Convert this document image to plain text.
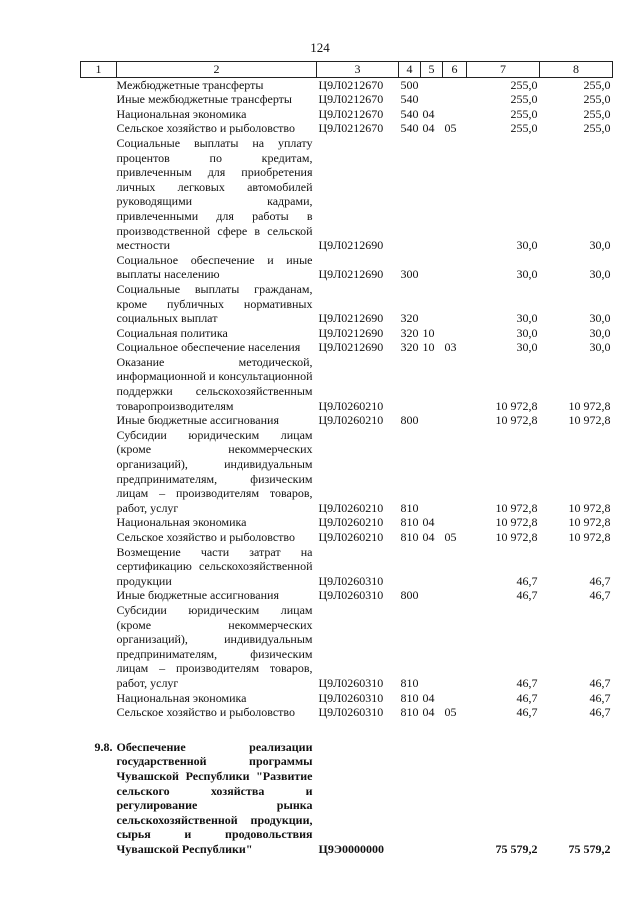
124
1	2	3	4	5	6	7	8
	Межбюджетные трансферты	Ц9Л0212670	500			255,0	255,0
	Иные межбюджетные трансферты	Ц9Л0212670	540			255,0	255,0
	Национальная экономика	Ц9Л0212670	540	04		255,0	255,0
	Сельское хозяйство и рыболовство	Ц9Л0212670	540	04	05	255,0	255,0
	Социальные выплаты на уплату процентов по кредитам, привлеченным для приобретения личных легковых автомобилей руководящими кадрами, привлеченными для работы в производственной сфере в сельской местности	Ц9Л0212690				30,0	30,0
	Социальное обеспечение и иные выплаты населению	Ц9Л0212690	300			30,0	30,0
	Социальные выплаты гражданам, кроме публичных нормативных социальных выплат	Ц9Л0212690	320			30,0	30,0
	Социальная политика	Ц9Л0212690	320	10		30,0	30,0
	Социальное обеспечение населения	Ц9Л0212690	320	10	03	30,0	30,0
	Оказание методической, информационной и консультационной поддержки сельскохозяйственным товаропроизводителям	Ц9Л0260210				10 972,8	10 972,8
	Иные бюджетные ассигнования	Ц9Л0260210	800			10 972,8	10 972,8
	Субсидии юридическим лицам (кроме некоммерческих организаций), индивидуальным предпринимателям, физическим лицам – производителям товаров, работ, услуг	Ц9Л0260210	810			10 972,8	10 972,8
	Национальная экономика	Ц9Л0260210	810	04		10 972,8	10 972,8
	Сельское хозяйство и рыболовство	Ц9Л0260210	810	04	05	10 972,8	10 972,8
	Возмещение части затрат на сертификацию сельскохозяйственной продукции	Ц9Л0260310				46,7	46,7
	Иные бюджетные ассигнования	Ц9Л0260310	800			46,7	46,7
	Субсидии юридическим лицам (кроме некоммерческих организаций), индивидуальным предпринимателям, физическим лицам – производителям товаров, работ, услуг	Ц9Л0260310	810			46,7	46,7
	Национальная экономика	Ц9Л0260310	810	04		46,7	46,7
	Сельское хозяйство и рыболовство	Ц9Л0260310	810	04	05	46,7	46,7

9.8.	Обеспечение реализации государственной программы Чувашской Республики "Развитие сельского хозяйства и регулирование рынка сельскохозяйственной продукции, сырья и продовольствия Чувашской Республики"	Ц9Э0000000				75 579,2	75 579,2
